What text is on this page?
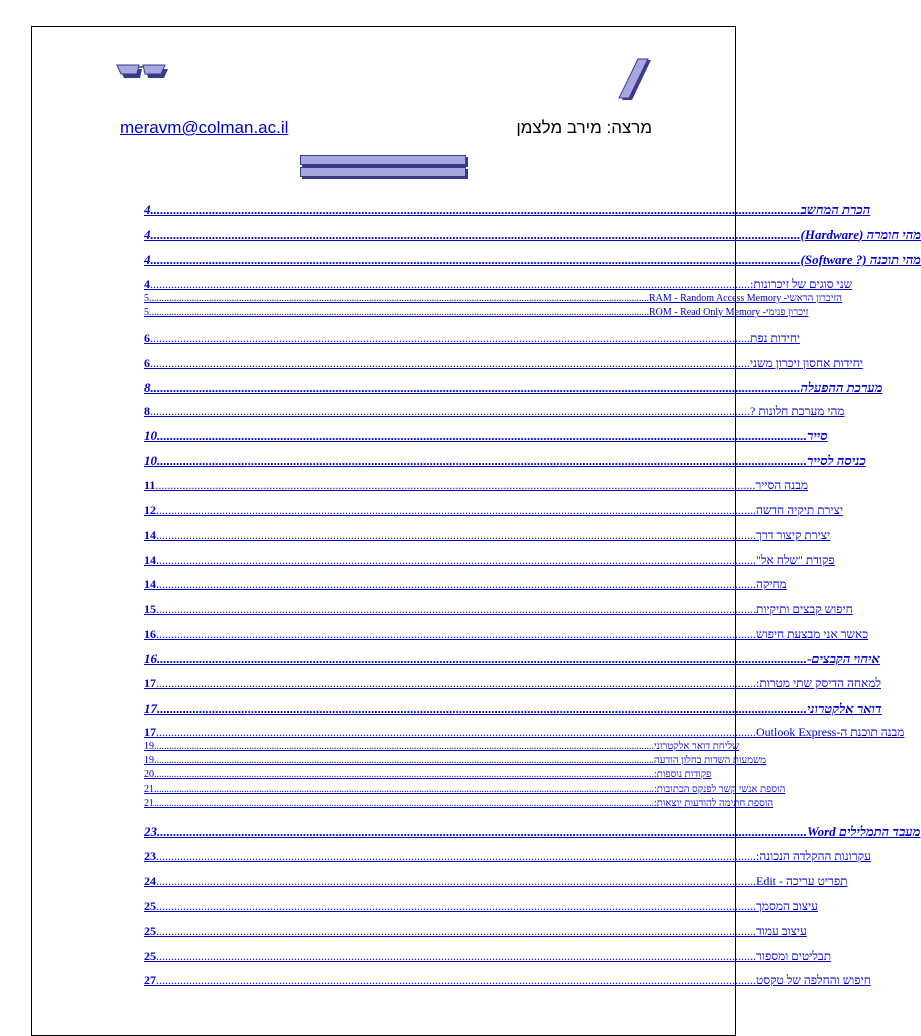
מרצה: מירב מלצמן
meravm@colman.ac.il
4 ........................................................................................................................................................................................................ הכרת המחשב
4 ........................................................................................................................................................................................................ מהי חומרה (Hardware)
4 ........................................................................................................................................................................................................ מהי תוכנה (? Software)
4 ........................................................................................................................................................................................................ שני סוגים של זיכרונות:
5 ........................................................................................................................................................................................................ הזיכרון הראשי- RAM - Random Access Memory
5 ........................................................................................................................................................................................................ זיכרון פנימי- ROM - Read Only Memory
6 ........................................................................................................................................................................................................ יחידות נפת
6 ........................................................................................................................................................................................................ יחידות אחסון זיכרון משני
8 ........................................................................................................................................................................................................ מערכת ההפעלה
8 ........................................................................................................................................................................................................ מהי מערכת חלונות ?
10 ........................................................................................................................................................................................................ סייר
10 ........................................................................................................................................................................................................ כניסה לסייר
11 ........................................................................................................................................................................................................ מבנה הסייר
12 ........................................................................................................................................................................................................ יצירת תיקיה חדשה
14 ........................................................................................................................................................................................................ יצירת קיצור דרך
14 ........................................................................................................................................................................................................ פקודת "שלח אל"
14 ........................................................................................................................................................................................................ מחיקה
15 ........................................................................................................................................................................................................ חיפוש קבצים ותיקיות
16 ........................................................................................................................................................................................................ כאשר אני מבצעת חיפוש
16 ........................................................................................................................................................................................................ איחוי הקבצים-
17 ........................................................................................................................................................................................................ למאחה הדיסק שתי מטרות:
17 ........................................................................................................................................................................................................ דואר אלקטרוני
17 ........................................................................................................................................................................................................ מבנה תוכנת ה-Outlook Express
19 ........................................................................................................................................................................................................ שליחת דואר אלקטרוני
19 ........................................................................................................................................................................................................ משמעות השדות בחלון הודעה
20 ........................................................................................................................................................................................................ פקודות נוספות:
21 ........................................................................................................................................................................................................ הוספת אנשי קשר לפנקס הכתובות:
21 ........................................................................................................................................................................................................ הוספת חתימה להודעות יוצאות:
23 ........................................................................................................................................................................................................ מעבד התמלילים Word
23 ........................................................................................................................................................................................................ עקרונות ההקלדה הנכונה:
24 ........................................................................................................................................................................................................ תפריט עריכה - Edit
25 ........................................................................................................................................................................................................ עיצוב המסמך
25 ........................................................................................................................................................................................................ עיצוב עמוד
25 ........................................................................................................................................................................................................ תבליטים ומספור
27 ........................................................................................................................................................................................................ חיפוש והחלפה של טקסט
